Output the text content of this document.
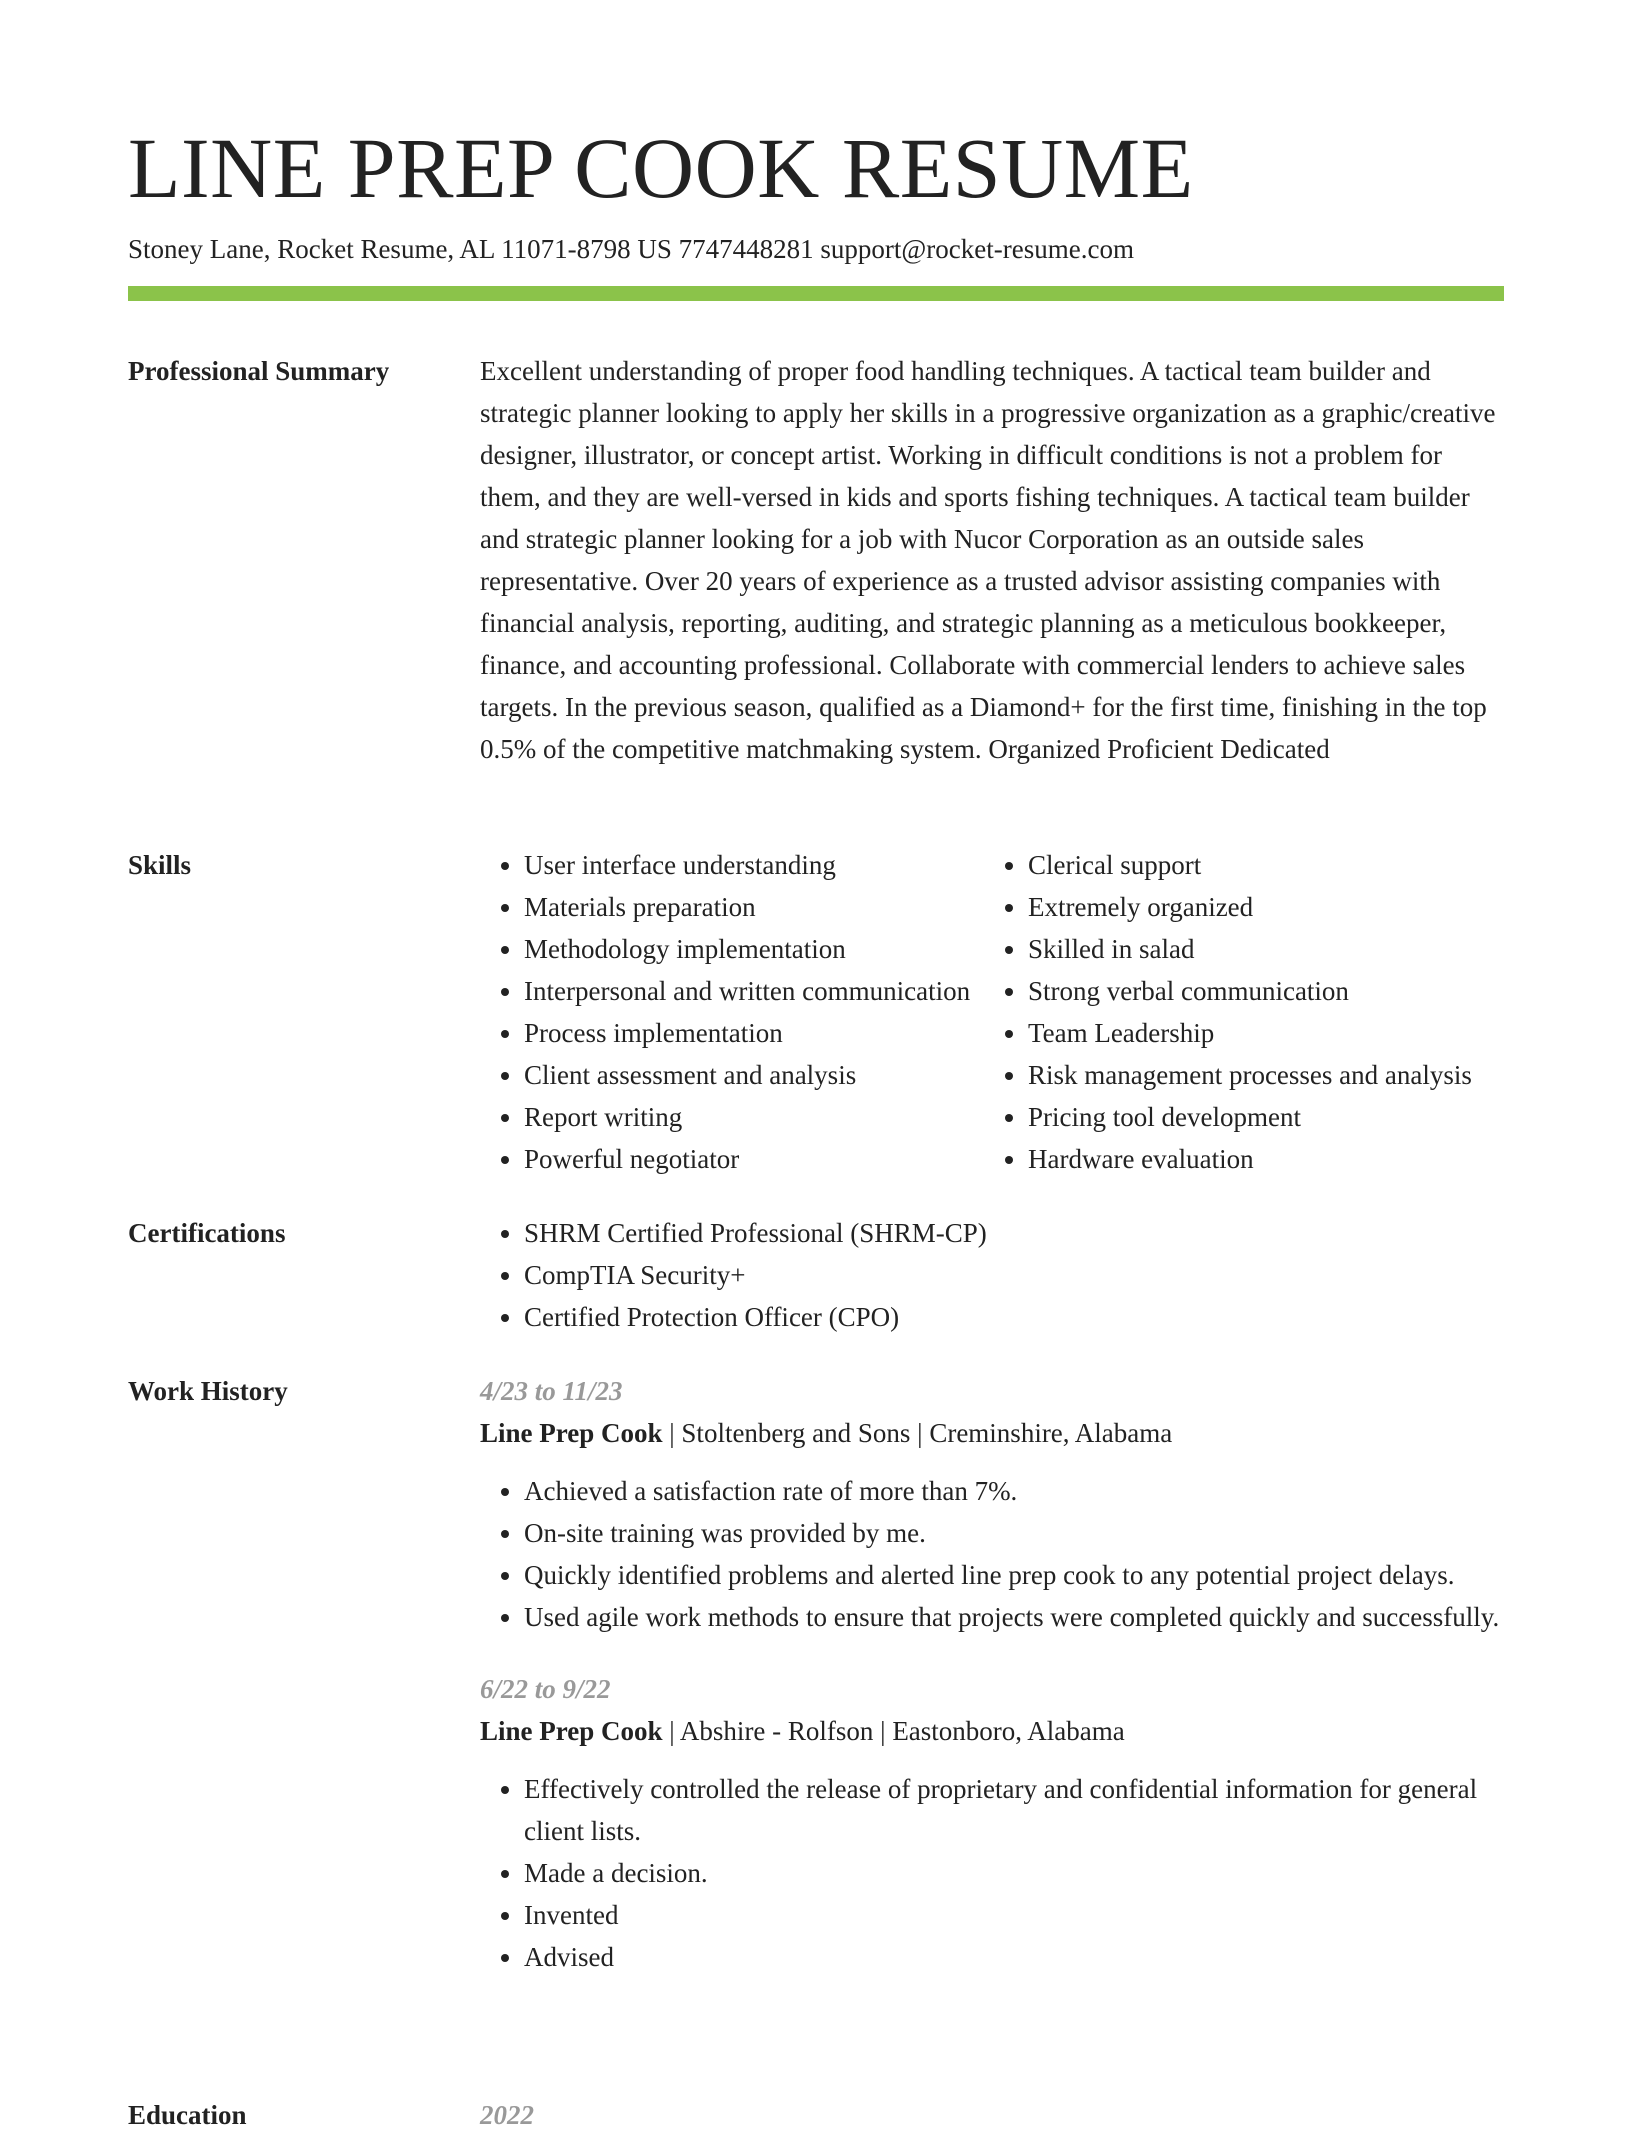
LINE PREP COOK RESUME
Stoney Lane, Rocket Resume, AL 11071-8798 US 7747448281 support@rocket-resume.com
Professional Summary	Excellent understanding of proper food handling techniques. A tactical team builder and strategic planner looking to apply her skills in a progressive organization as a graphic/creative designer, illustrator, or concept artist. Working in difficult conditions is not a problem for them, and they are well-versed in kids and sports fishing techniques. A tactical team builder and strategic planner looking for a job with Nucor Corporation as an outside sales representative. Over 20 years of experience as a trusted advisor assisting companies with financial analysis, reporting, auditing, and strategic planning as a meticulous bookkeeper, finance, and accounting professional. Collaborate with commercial lenders to achieve sales targets. In the previous season, qualified as a Diamond+ for the first time, finishing in the top 0.5% of the competitive matchmaking system. Organized Proficient Dedicated

Skills	• User interface understanding
• Materials preparation
• Methodology implementation
• Interpersonal and written communication
• Process implementation
• Client assessment and analysis
• Report writing
• Powerful negotiator
• Clerical support
• Extremely organized
• Skilled in salad
• Strong verbal communication
• Team Leadership
• Risk management processes and analysis
• Pricing tool development
• Hardware evaluation
Certifications	• SHRM Certified Professional (SHRM-CP)
• CompTIA Security+
• Certified Protection Officer (CPO)
Work History	4/23 to 11/23
Line Prep Cook | Stoltenberg and Sons | Creminshire, Alabama
• Achieved a satisfaction rate of more than 7%.
• On-site training was provided by me.
• Quickly identified problems and alerted line prep cook to any potential project delays.
• Used agile work methods to ensure that projects were completed quickly and successfully.
6/22 to 9/22
Line Prep Cook | Abshire - Rolfson | Eastonboro, Alabama
• Effectively controlled the release of proprietary and confidential information for general client lists.
• Made a decision.
• Invented
• Advised
Education	2022
